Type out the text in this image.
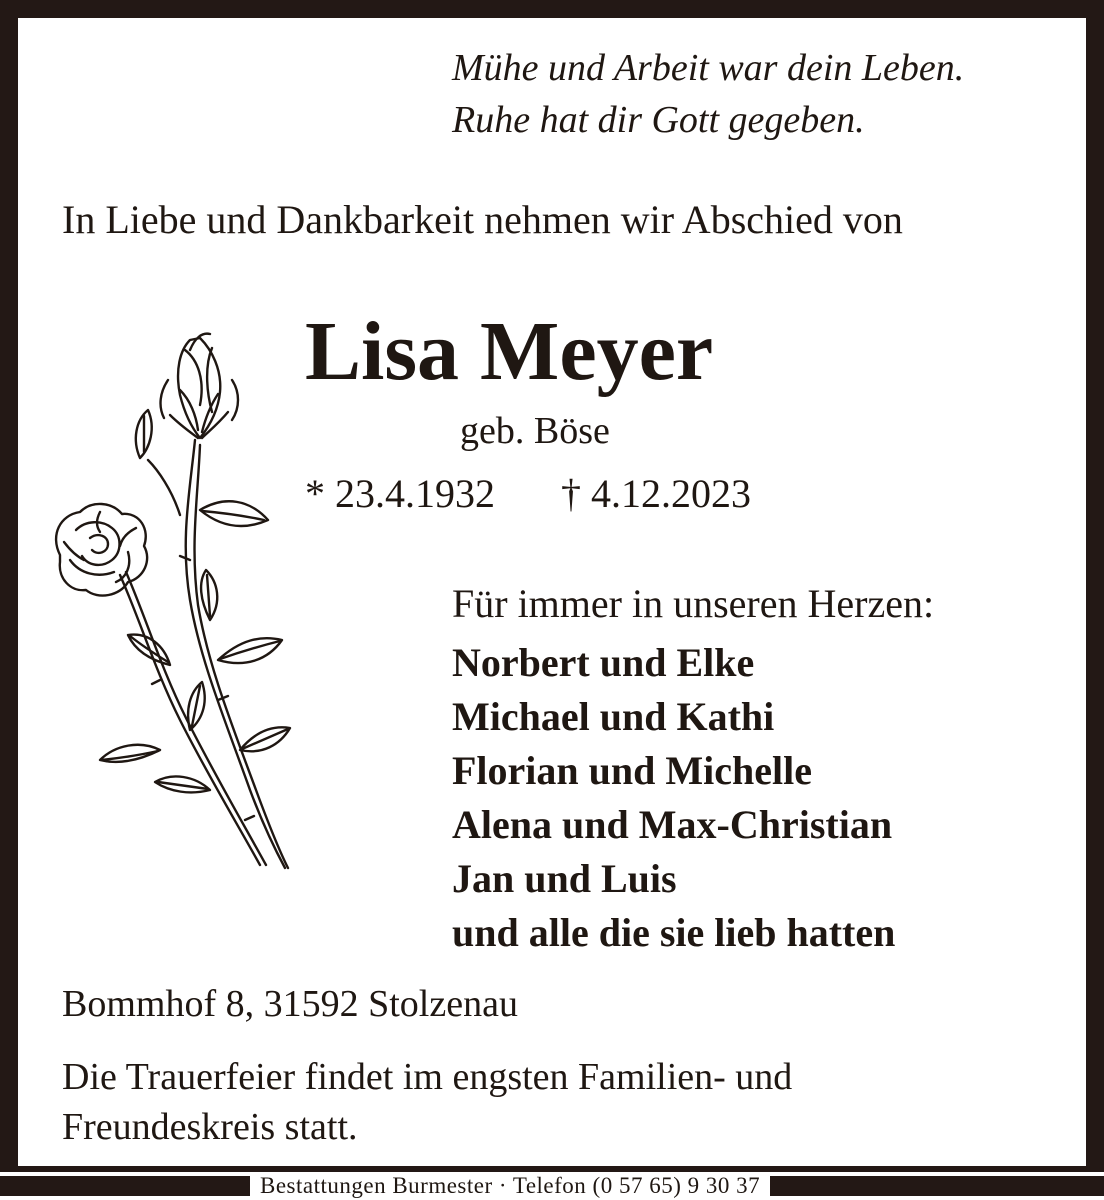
Mühe und Arbeit war dein Leben.
Ruhe hat dir Gott gegeben.
In Liebe und Dankbarkeit nehmen wir Abschied von
Lisa Meyer
geb. Böse
* 23.4.1932 † 4.12.2023
Für immer in unseren Herzen:
Norbert und Elke
Michael und Kathi
Florian und Michelle
Alena und Max-Christian
Jan und Luis
und alle die sie lieb hatten
Bommhof 8, 31592 Stolzenau
Die Trauerfeier findet im engsten Familien- und
Freundeskreis statt.
Bestattungen Burmester · Telefon (0 57 65) 9 30 37
